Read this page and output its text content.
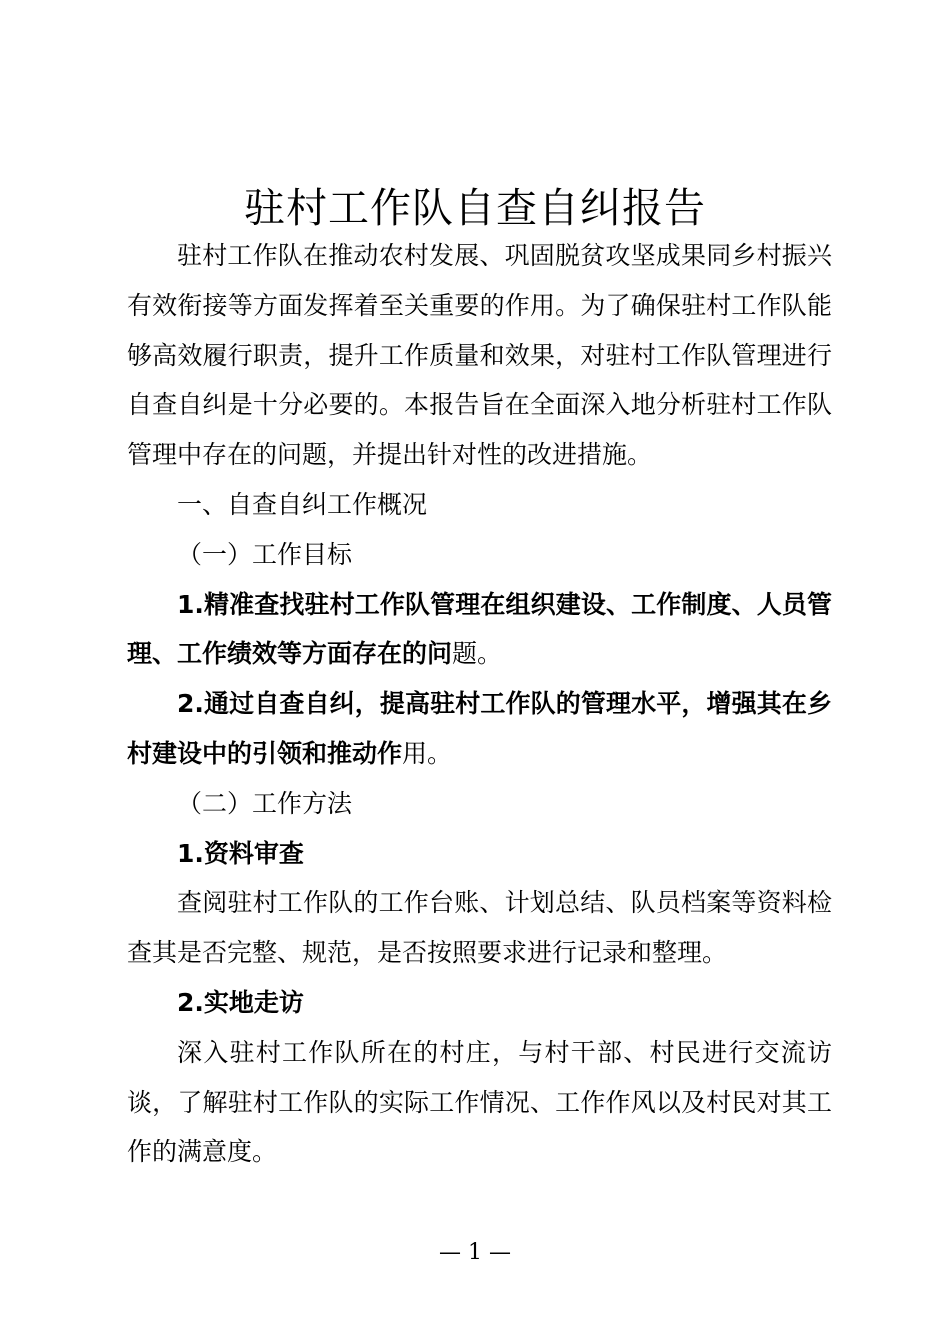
驻村工作队自查自纠报告

驻村工作队在推动农村发展、巩固脱贫攻坚成果同乡村振兴有效衔接等方面发挥着至关重要的作用。为了确保驻村工作队能够高效履行职责，提升工作质量和效果，对驻村工作队管理进行自查自纠是十分必要的。本报告旨在全面深入地分析驻村工作队管理中存在的问题，并提出针对性的改进措施。

一、自查自纠工作概况

（一）工作目标

1.精准查找驻村工作队管理在组织建设、工作制度、人员管理、工作绩效等方面存在的问题。

2.通过自查自纠，提高驻村工作队的管理水平，增强其在乡村建设中的引领和推动作用。

（二）工作方法

1.资料审查

查阅驻村工作队的工作台账、计划总结、队员档案等资料检查其是否完整、规范，是否按照要求进行记录和整理。

2.实地走访

深入驻村工作队所在的村庄，与村干部、村民进行交流访谈，了解驻村工作队的实际工作情况、工作作风以及村民对其工作的满意度。

— 1 —
